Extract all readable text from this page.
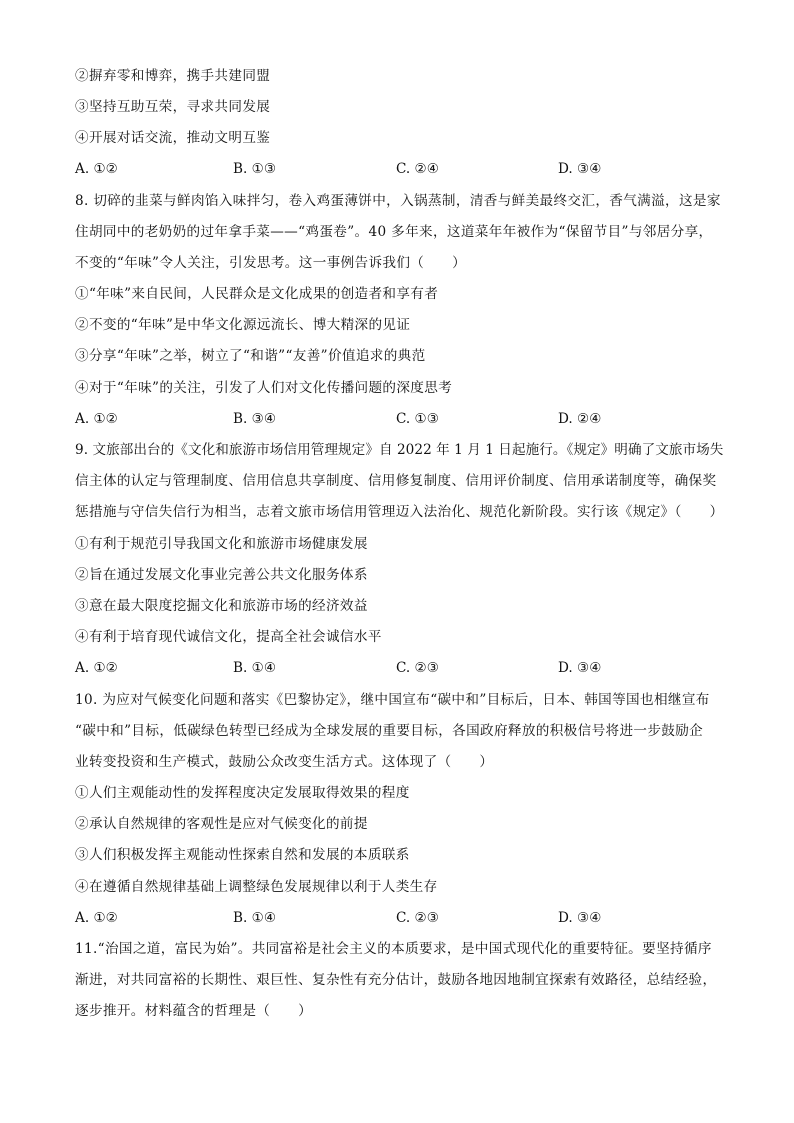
②摒弃零和博弈，携手共建同盟
③坚持互助互荣，寻求共同发展
④开展对话交流，推动文明互鉴
A. ①②	B. ①③	C. ②④	D. ③④
8. 切碎的韭菜与鲜肉馅入味拌匀，卷入鸡蛋薄饼中，入锅蒸制，清香与鲜美最终交汇，香气满溢，这是家
住胡同中的老奶奶的过年拿手菜——“鸡蛋卷”。40 多年来，这道菜年年被作为“保留节目”与邻居分享，
不变的“年味”令人关注，引发思考。这一事例告诉我们（　　）
①“年味”来自民间，人民群众是文化成果的创造者和享有者
②不变的“年味”是中华文化源远流长、博大精深的见证
③分享“年味”之举，树立了“和谐”“友善”价值追求的典范
④对于“年味”的关注，引发了人们对文化传播问题的深度思考
A. ①②	B. ③④	C. ①③	D. ②④
9. 文旅部出台的《文化和旅游市场信用管理规定》自 2022 年 1 月 1 日起施行。《规定》明确了文旅市场失
信主体的认定与管理制度、信用信息共享制度、信用修复制度、信用评价制度、信用承诺制度等，确保奖
惩措施与守信失信行为相当，志着文旅市场信用管理迈入法治化、规范化新阶段。实行该《规定》（　　）
①有利于规范引导我国文化和旅游市场健康发展
②旨在通过发展文化事业完善公共文化服务体系
③意在最大限度挖掘文化和旅游市场的经济效益
④有利于培育现代诚信文化，提高全社会诚信水平
A. ①②	B. ①④	C. ②③	D. ③④
10. 为应对气候变化问题和落实《巴黎协定》，继中国宣布“碳中和”目标后，日本、韩国等国也相继宣布
“碳中和”目标，低碳绿色转型已经成为全球发展的重要目标，各国政府释放的积极信号将进一步鼓励企
业转变投资和生产模式，鼓励公众改变生活方式。这体现了（　　）
①人们主观能动性的发挥程度决定发展取得效果的程度
②承认自然规律的客观性是应对气候变化的前提
③人们积极发挥主观能动性探索自然和发展的本质联系
④在遵循自然规律基础上调整绿色发展规律以利于人类生存
A. ①②	B. ①④	C. ②③	D. ③④
11.“治国之道，富民为始”。共同富裕是社会主义的本质要求，是中国式现代化的重要特征。要坚持循序
渐进，对共同富裕的长期性、艰巨性、复杂性有充分估计，鼓励各地因地制宜探索有效路径，总结经验，
逐步推开。材料蕴含的哲理是（　　）
